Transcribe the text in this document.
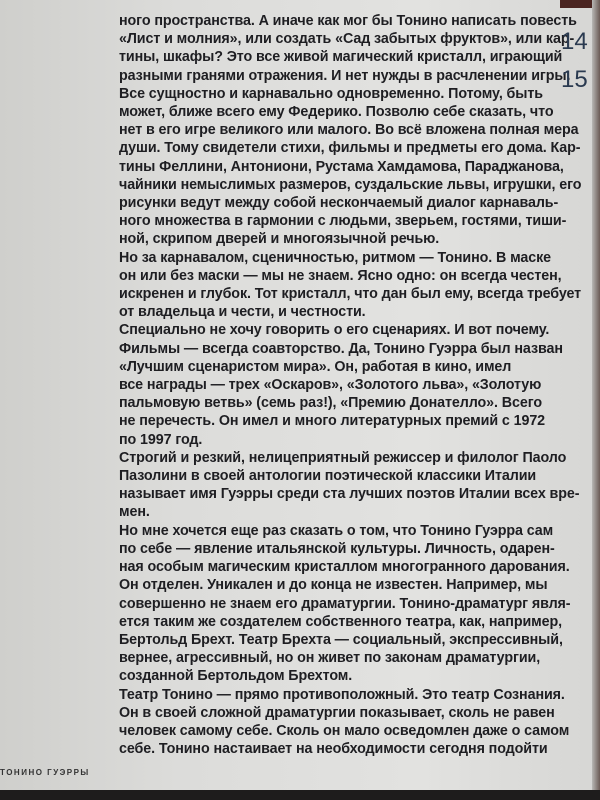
ного пространства. А иначе как мог бы Тонино написать повесть
«Лист и молния», или создать «Сад забытых фруктов», или кар-
тины, шкафы? Это все живой магический кристалл, играющий
разными гранями отражения. И нет нужды в расчленении игры.
Все сущностно и карнавально одновременно. Потому, быть
может, ближе всего ему Федерико. Позволю себе сказать, что
нет в его игре великого или малого. Во всё вложена полная мера
души. Тому свидетели стихи, фильмы и предметы его дома. Кар-
тины Феллини, Антониони, Рустама Хамдамова, Параджанова,
чайники немыслимых размеров, суздальские львы, игрушки, его
рисунки ведут между собой нескончаемый диалог карнаваль-
ного множества в гармонии с людьми, зверьем, гостями, тиши-
ной, скрипом дверей и многоязычной речью.
Но за карнавалом, сценичностью, ритмом — Тонино. В маске
он или без маски — мы не знаем. Ясно одно: он всегда честен,
искренен и глубок. Тот кристалл, что дан был ему, всегда требует
от владельца и чести, и честности.
Специально не хочу говорить о его сценариях. И вот почему.
Фильмы — всегда соавторство. Да, Тонино Гуэрра был назван
«Лучшим сценаристом мира». Он, работая в кино, имел
все награды — трех «Оскаров», «Золотого льва», «Золотую
пальмовую ветвь» (семь раз!), «Премию Донателло». Всего
не перечесть. Он имел и много литературных премий с 1972
по 1997 год.
Строгий и резкий, нелицеприятный режиссер и филолог Паоло
Пазолини в своей антологии поэтической классики Италии
называет имя Гуэрры среди ста лучших поэтов Италии всех вре-
мен.
Но мне хочется еще раз сказать о том, что Тонино Гуэрра сам
по себе — явление итальянской культуры. Личность, одарен-
ная особым магическим кристаллом многогранного дарования.
Он отделен. Уникален и до конца не известен. Например, мы
совершенно не знаем его драматургии. Тонино-драматург явля-
ется таким же создателем собственного театра, как, например,
Бертольд Брехт. Театр Брехта — социальный, экспрессивный,
вернее, агрессивный, но он живет по законам драматургии,
созданной Бертольдом Брехтом.
Театр Тонино — прямо противоположный. Это театр Сознания.
Он в своей сложной драматургии показывает, сколь не равен
человек самому себе. Сколь он мало осведомлен даже о самом
себе. Тонино настаивает на необходимости сегодня подойти
14
15
ТОНИНО ГУЭРРЫ
